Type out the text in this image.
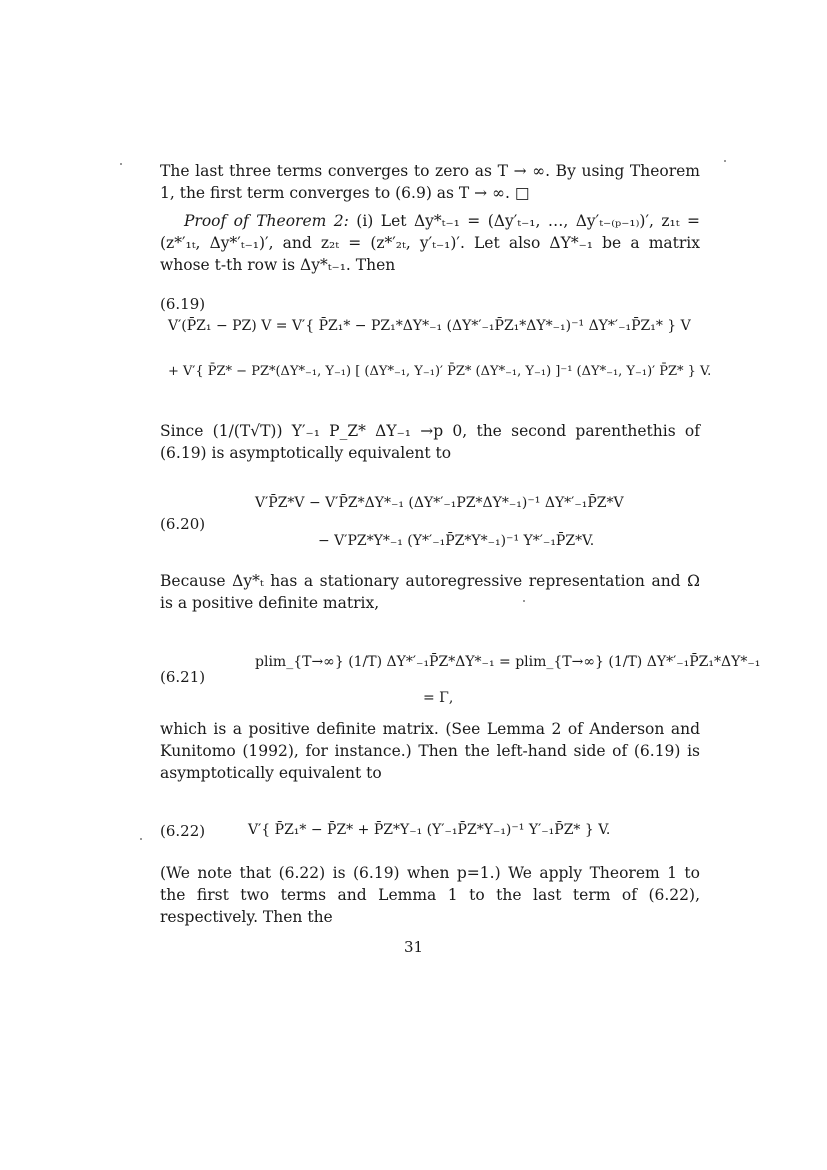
The last three terms converges to zero as T → ∞. By using Theorem 1, the first term converges to (6.9) as T → ∞. □

Proof of Theorem 2: (i) Let Δy*ₜ₋₁ = (Δy′ₜ₋₁, …, Δy′ₜ₋₍ₚ₋₁₎)′, z₁ₜ = (z*′₁ₜ, Δy*′ₜ₋₁)′, and z₂ₜ = (z*′₂ₜ, y′ₜ₋₁)′. Let also ΔY*₋₁ be a matrix whose t-th row is Δy*ₜ₋₁. Then

(6.19)
V′(P̄Z₁ − PZ) V = V′{ P̄Z₁* − PZ₁*ΔY*₋₁ (ΔY*′₋₁P̄Z₁*ΔY*₋₁)⁻¹ ΔY*′₋₁P̄Z₁* } V
+ V′{ P̄Z* − PZ*(ΔY*₋₁, Y₋₁) [ (ΔY*₋₁, Y₋₁)′ P̄Z* (ΔY*₋₁, Y₋₁) ]⁻¹ (ΔY*₋₁, Y₋₁)′ P̄Z* } V.

Since (1/(T√T)) Y′₋₁ P_Z* ΔY₋₁ →p 0, the second parenthethis of (6.19) is asymptotically equivalent to

(6.20)
V′P̄Z*V − V′P̄Z*ΔY*₋₁ (ΔY*′₋₁PZ*ΔY*₋₁)⁻¹ ΔY*′₋₁P̄Z*V
− V′PZ*Y*₋₁ (Y*′₋₁P̄Z*Y*₋₁)⁻¹ Y*′₋₁P̄Z*V.

Because Δy*ₜ has a stationary autoregressive representation and Ω is a positive definite matrix,

(6.21)
plim_{T→∞} (1/T) ΔY*′₋₁P̄Z*ΔY*₋₁ = plim_{T→∞} (1/T) ΔY*′₋₁P̄Z₁*ΔY*₋₁
= Γ,

which is a positive definite matrix. (See Lemma 2 of Anderson and Kunitomo (1992), for instance.) Then the left-hand side of (6.19) is asymptotically equivalent to

(6.22)	V′{ P̄Z₁* − P̄Z* + P̄Z*Y₋₁ (Y′₋₁P̄Z*Y₋₁)⁻¹ Y′₋₁P̄Z* } V.

(We note that (6.22) is (6.19) when p=1.) We apply Theorem 1 to the first two terms and Lemma 1 to the last term of (6.22), respectively. Then the

31
